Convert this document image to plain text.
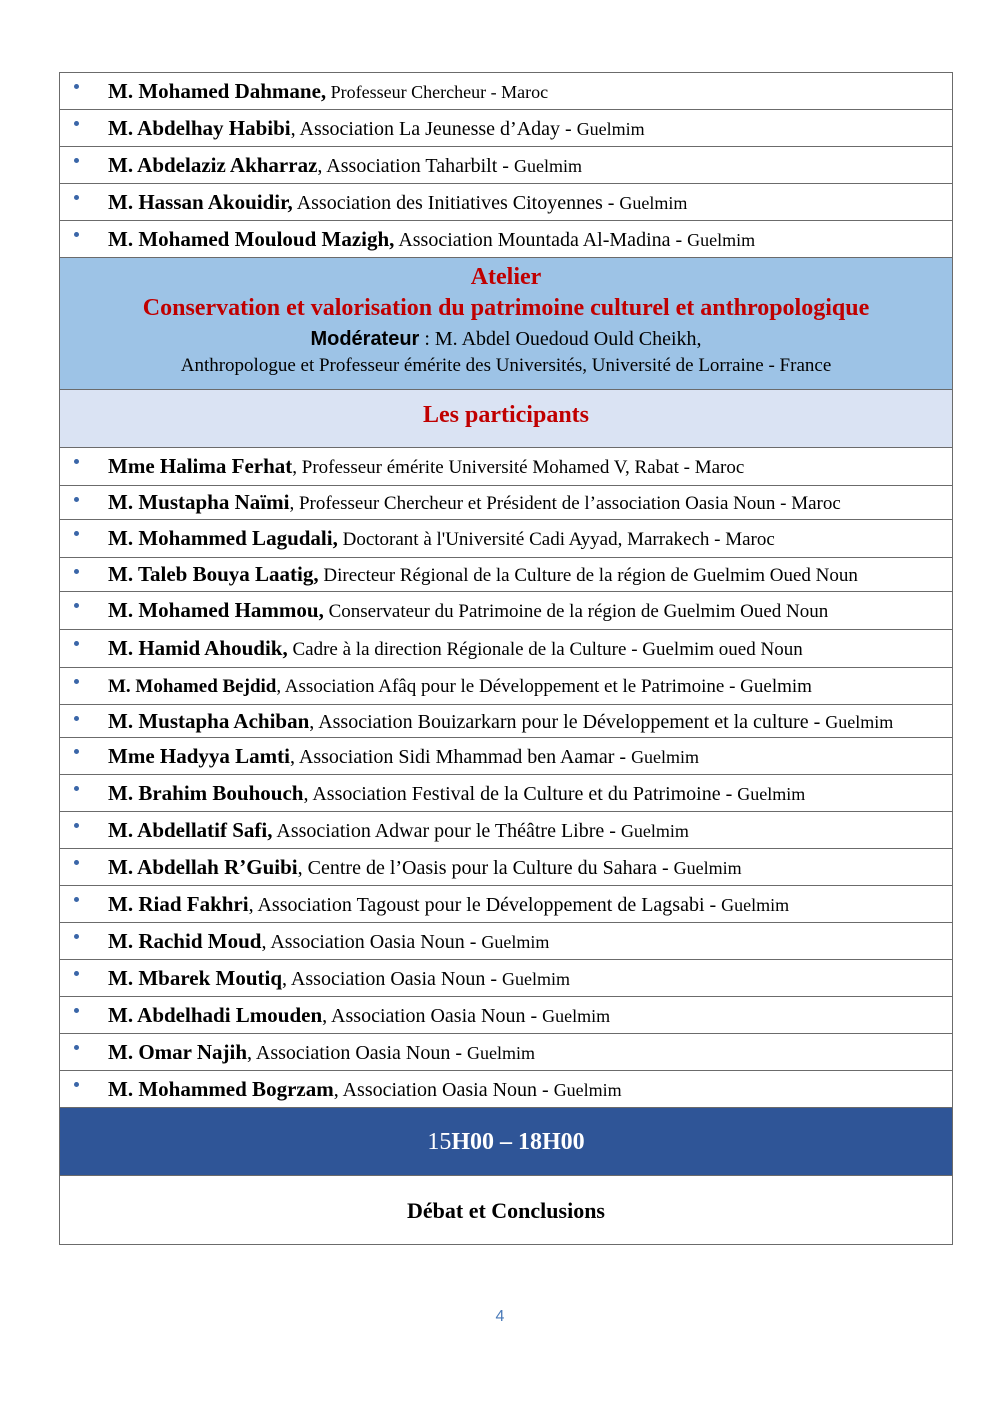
M. Mohamed Dahmane, Professeur Chercheur - Maroc
M. Abdelhay Habibi, Association La Jeunesse d’Aday - Guelmim
M. Abdelaziz Akharraz, Association Taharbilt - Guelmim
M. Hassan Akouidir, Association des Initiatives Citoyennes - Guelmim
M. Mohamed Mouloud Mazigh, Association Mountada Al-Madina - Guelmim
Atelier
Conservation et valorisation du patrimoine culturel et anthropologique
Modérateur : M. Abdel Ouedoud Ould Cheikh,
Anthropologue et Professeur émérite des Universités, Université de Lorraine - France
Les participants
Mme Halima Ferhat, Professeur émérite Université Mohamed V, Rabat - Maroc
M. Mustapha Naïmi, Professeur Chercheur et Président de l’association Oasia Noun - Maroc
M. Mohammed Lagudali, Doctorant à l'Université Cadi Ayyad, Marrakech - Maroc
M. Taleb Bouya Laatig, Directeur Régional de la Culture de la région de Guelmim Oued Noun
M. Mohamed Hammou, Conservateur du Patrimoine de la région de Guelmim Oued Noun
M. Hamid Ahoudik, Cadre à la direction Régionale de la Culture - Guelmim oued Noun
M. Mohamed Bejdid, Association Afâq pour le Développement et le Patrimoine - Guelmim
M. Mustapha Achiban, Association Bouizarkarn pour le Développement et la culture - Guelmim
Mme Hadyya Lamti, Association Sidi Mhammad ben Aamar - Guelmim
M. Brahim Bouhouch, Association Festival de la Culture et du Patrimoine - Guelmim
M. Abdellatif Safi, Association Adwar pour le Théâtre Libre - Guelmim
M. Abdellah R’Guibi, Centre de l’Oasis pour la Culture du Sahara - Guelmim
M. Riad Fakhri, Association Tagoust pour le Développement de Lagsabi - Guelmim
M. Rachid Moud, Association Oasia Noun - Guelmim
M. Mbarek Moutiq, Association Oasia Noun - Guelmim
M. Abdelhadi Lmouden, Association Oasia Noun - Guelmim
M. Omar Najih, Association Oasia Noun - Guelmim
M. Mohammed Bogrzam, Association Oasia Noun - Guelmim
15H00 – 18H00
Débat et Conclusions
4
